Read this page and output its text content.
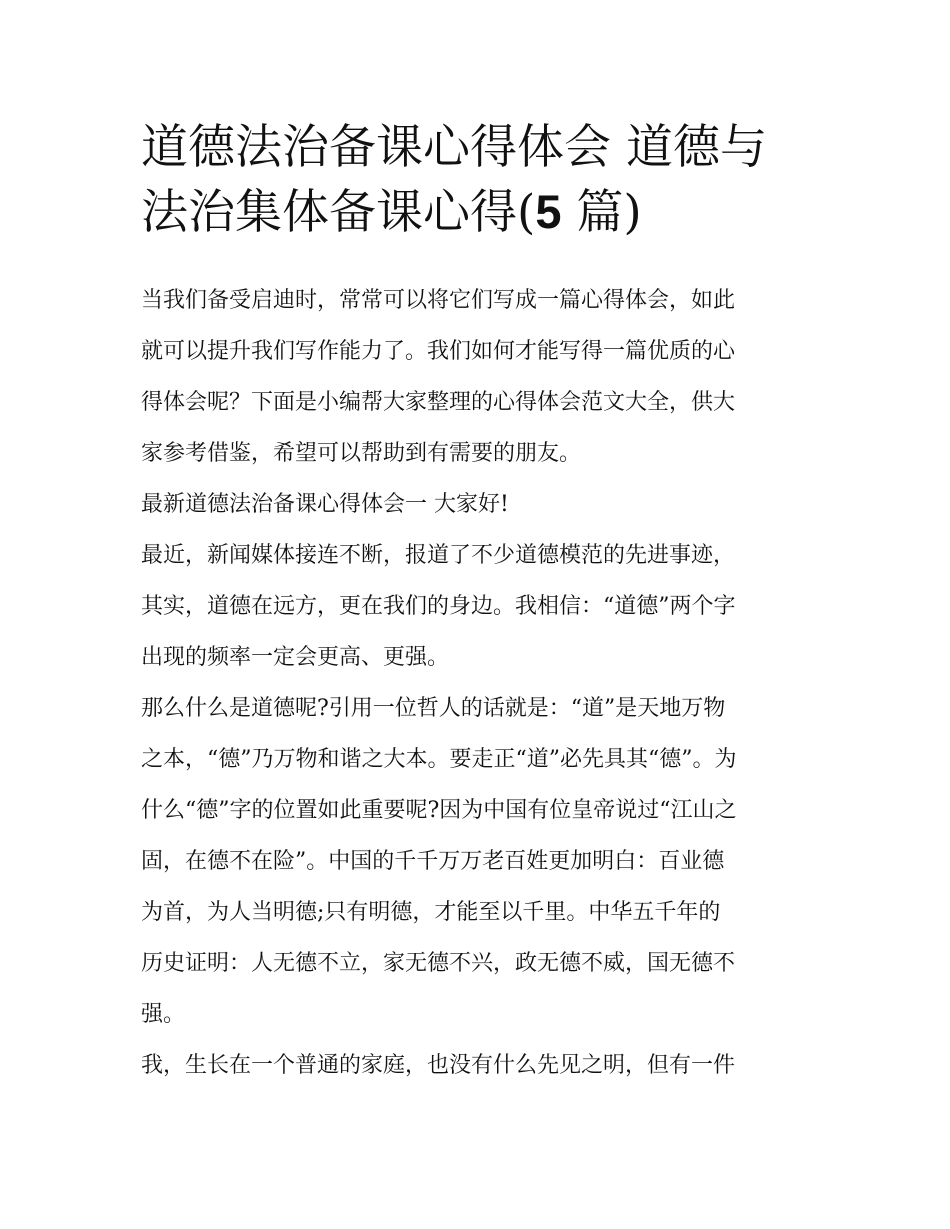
道德法治备课心得体会 道德与
法治集体备课心得(5 篇)
当我们备受启迪时，常常可以将它们写成一篇心得体会，如此
就可以提升我们写作能力了。我们如何才能写得一篇优质的心
得体会呢？下面是小编帮大家整理的心得体会范文大全，供大
家参考借鉴，希望可以帮助到有需要的朋友。
最新道德法治备课心得体会一 大家好!
最近，新闻媒体接连不断，报道了不少道德模范的先进事迹，
其实，道德在远方，更在我们的身边。我相信：“道德”两个字
出现的频率一定会更高、更强。
那么什么是道德呢?引用一位哲人的话就是：“道”是天地万物
之本，“德”乃万物和谐之大本。要走正“道”必先具其“德”。为
什么“德”字的位置如此重要呢?因为中国有位皇帝说过“江山之
固，在德不在险”。中国的千千万万老百姓更加明白：百业德
为首，为人当明德;只有明德，才能至以千里。中华五千年的
历史证明：人无德不立，家无德不兴，政无德不威，国无德不
强。
我，生长在一个普通的家庭，也没有什么先见之明，但有一件
